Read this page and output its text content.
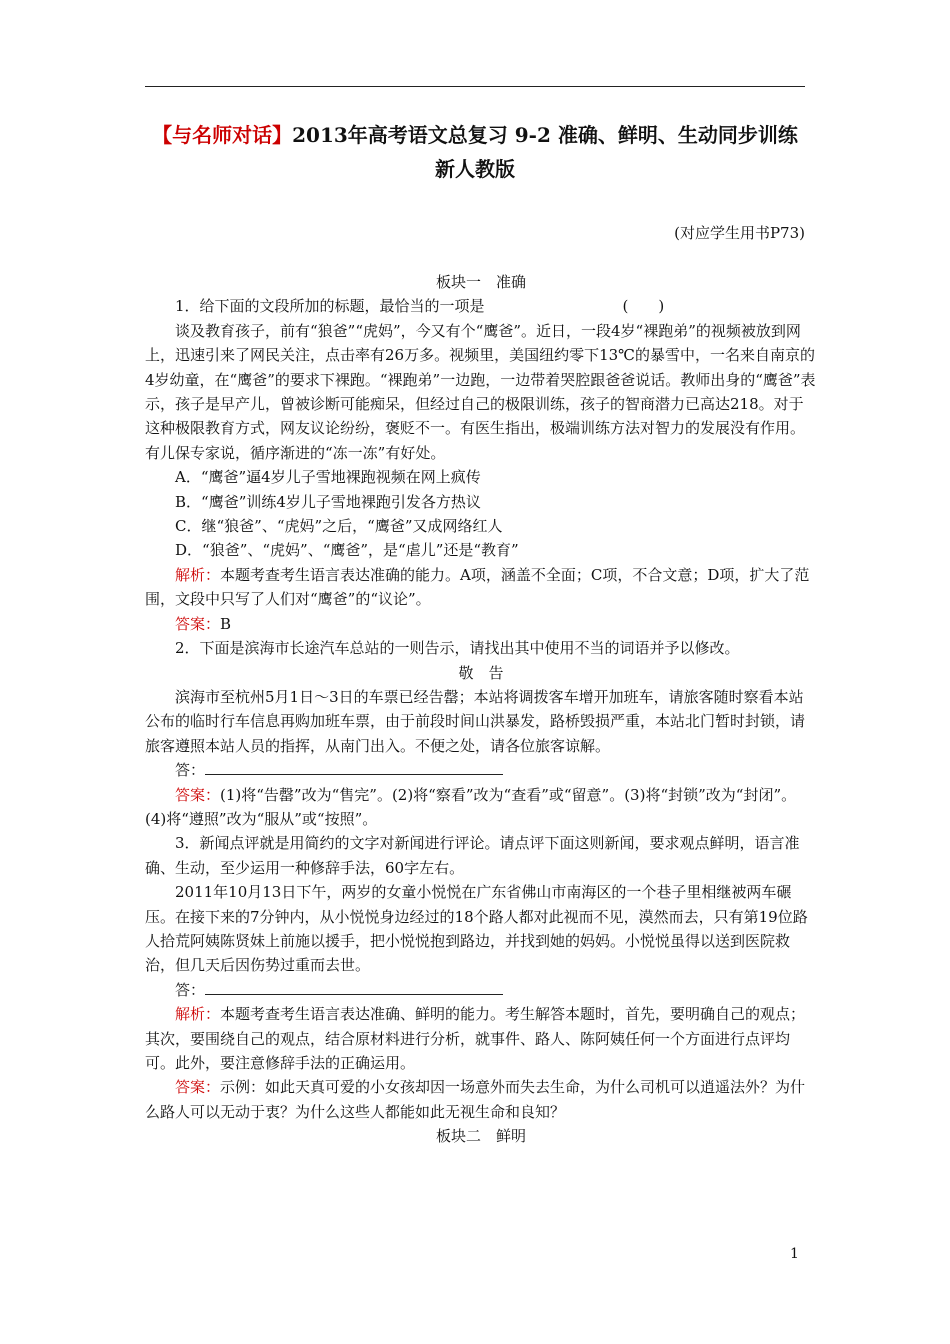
【与名师对话】2013年高考语文总复习 9-2 准确、鲜明、生动同步训练 新人教版
(对应学生用书P73)

板块一　准确

1．给下面的文段所加的标题，最恰当的一项是	(　　)

谈及教育孩子，前有“狼爸”“虎妈”，今又有个“鹰爸”。近日，一段4岁“裸跑弟”的视频被放到网上，迅速引来了网民关注，点击率有26万多。视频里，美国纽约零下13℃的暴雪中，一名来自南京的4岁幼童，在“鹰爸”的要求下裸跑。“裸跑弟”一边跑，一边带着哭腔跟爸爸说话。教师出身的“鹰爸”表示，孩子是早产儿，曾被诊断可能痴呆，但经过自己的极限训练，孩子的智商潜力已高达218。对于这种极限教育方式，网友议论纷纷，褒贬不一。有医生指出，极端训练方法对智力的发展没有作用。有儿保专家说，循序渐进的“冻一冻”有好处。

A．“鹰爸”逼4岁儿子雪地裸跑视频在网上疯传

B．“鹰爸”训练4岁儿子雪地裸跑引发各方热议

C．继“狼爸”、“虎妈”之后，“鹰爸”又成网络红人

D．“狼爸”、“虎妈”、“鹰爸”，是“虐儿”还是“教育”

解析：本题考查考生语言表达准确的能力。A项，涵盖不全面；C项，不合文意；D项，扩大了范围，文段中只写了人们对“鹰爸”的“议论”。

答案：B

2．下面是滨海市长途汽车总站的一则告示，请找出其中使用不当的词语并予以修改。

敬　告

滨海市至杭州5月1日～3日的车票已经告罄；本站将调拨客车增开加班车，请旅客随时察看本站公布的临时行车信息再购加班车票，由于前段时间山洪暴发，路桥毁损严重，本站北门暂时封锁，请旅客遵照本站人员的指挥，从南门出入。不便之处，请各位旅客谅解。

答：

答案：(1)将“告罄”改为“售完”。(2)将“察看”改为“查看”或“留意”。(3)将“封锁”改为“封闭”。(4)将“遵照”改为“服从”或“按照”。

3．新闻点评就是用简约的文字对新闻进行评论。请点评下面这则新闻，要求观点鲜明，语言准确、生动，至少运用一种修辞手法，60字左右。

2011年10月13日下午，两岁的女童小悦悦在广东省佛山市南海区的一个巷子里相继被两车碾压。在接下来的7分钟内，从小悦悦身边经过的18个路人都对此视而不见，漠然而去，只有第19位路人拾荒阿姨陈贤妹上前施以援手，把小悦悦抱到路边，并找到她的妈妈。小悦悦虽得以送到医院救治，但几天后因伤势过重而去世。

答：

解析：本题考查考生语言表达准确、鲜明的能力。考生解答本题时，首先，要明确自己的观点；其次，要围绕自己的观点，结合原材料进行分析，就事件、路人、陈阿姨任何一个方面进行点评均可。此外，要注意修辞手法的正确运用。

答案：示例：如此天真可爱的小女孩却因一场意外而失去生命，为什么司机可以逍遥法外？为什么路人可以无动于衷？为什么这些人都能如此无视生命和良知？

板块二　鲜明

1
